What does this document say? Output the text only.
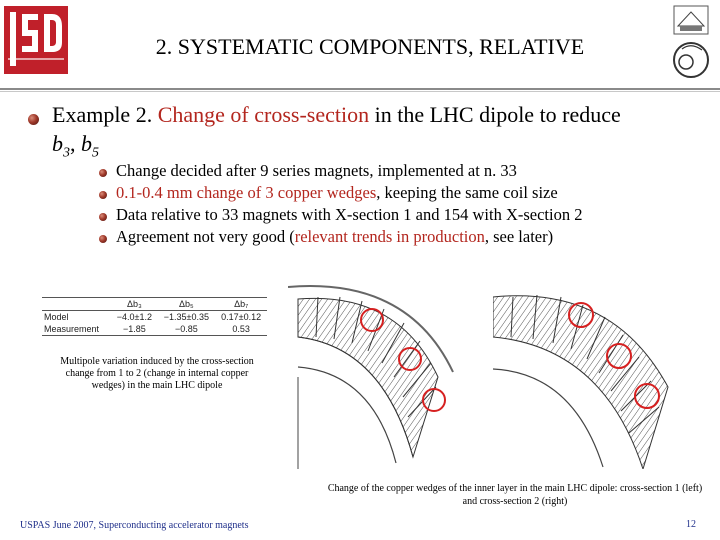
2. SYSTEMATIC COMPONENTS, RELATIVE
Example 2. Change of cross-section in the LHC dipole to reduce
$b_3$, $b_5$
Change decided after 9 series magnets, implemented at n. 33
0.1-0.4 mm change of 3 copper wedges, keeping the same coil size
Data relative to 33 magnets with X-section 1 and 154 with X-section 2
Agreement not very good (relevant trends in production, see later)
	Δb₃	Δb₅	Δb₇
Model	−4.0±1.2	−1.35±0.35	0.17±0.12
Measurement	−1.85	−0.85	0.53
Multipole variation induced by the cross-section change from 1 to 2 (change in internal copper wedges) in the main LHC dipole
Change of the copper wedges of the inner layer in the main LHC dipole: cross-section 1 (left) and cross-section 2 (right)
USPAS June 2007, Superconducting accelerator magnets	12
